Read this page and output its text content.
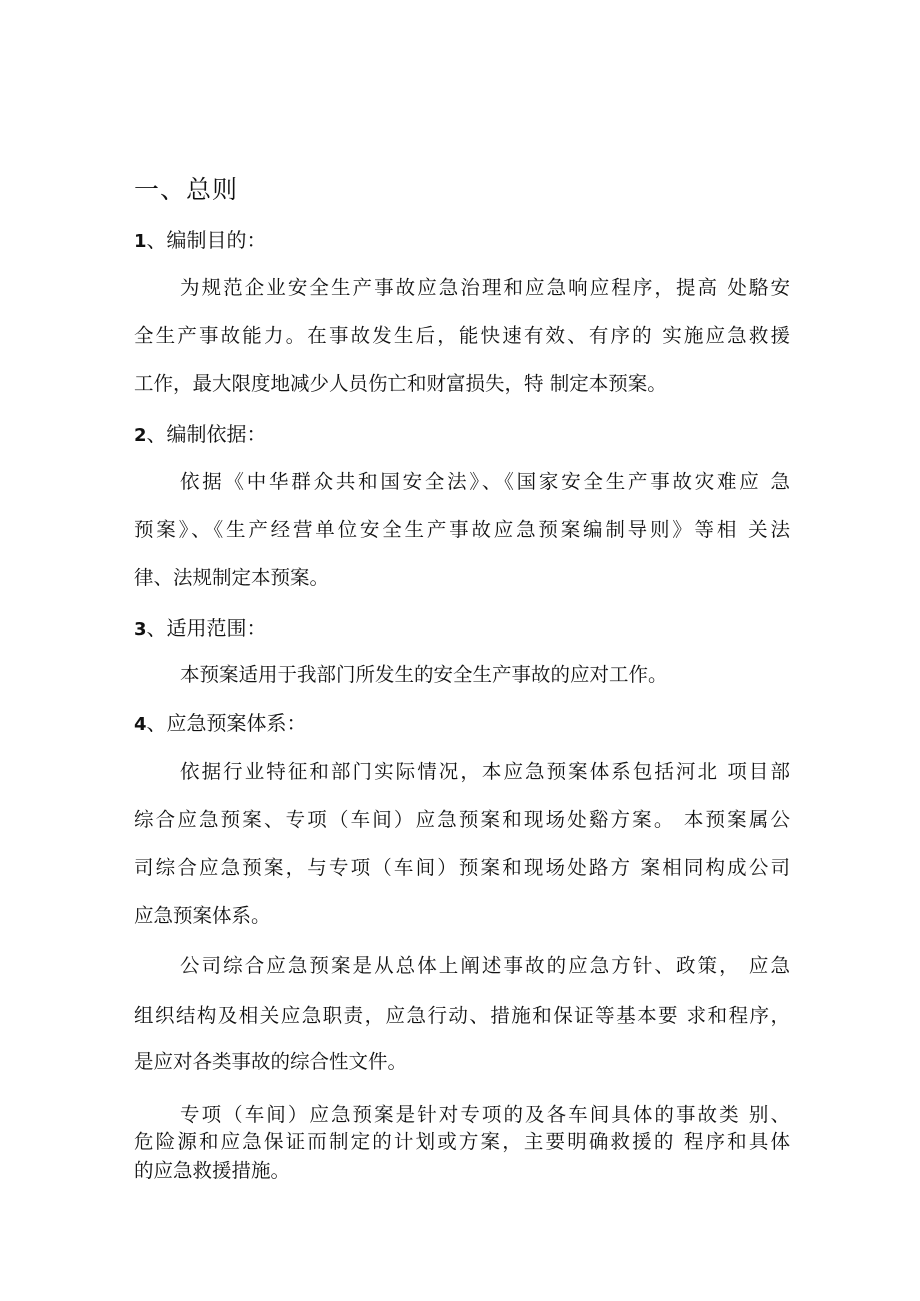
一、总则
1、编制目的：
为规范企业安全生产事故应急治理和应急响应程序，提高 处駱安
全生产事故能力。在事故发生后，能快速有效、有序的 实施应急救援
工作，最大限度地减少人员伤亡和财富损失，特 制定本预案。
2、编制依据：
依据《中华群众共和国安全法》、《国家安全生产事故灾难应 急
预案》、《生产经营单位安全生产事故应急预案编制导则》等相 关法
律、法规制定本预案。
3、适用范围：
本预案适用于我部门所发生的安全生产事故的应对工作。
4、应急预案体系：
依据行业特征和部门实际情况，本应急预案体系包括河北 项目部
综合应急预案、专项（车间）应急预案和现场处谿方案。 本预案属公
司综合应急预案，与专项（车间）预案和现场处路方 案相同构成公司
应急预案体系。
公司综合应急预案是从总体上阐述事故的应急方针、政策， 应急
组织结构及相关应急职责，应急行动、措施和保证等基本要 求和程序，
是应对各类事故的综合性文件。
专项（车间）应急预案是针对专项的及各车间具体的事故类 别、
危险源和应急保证而制定的计划或方案，主要明确救援的 程序和具体
的应急救援措施。
